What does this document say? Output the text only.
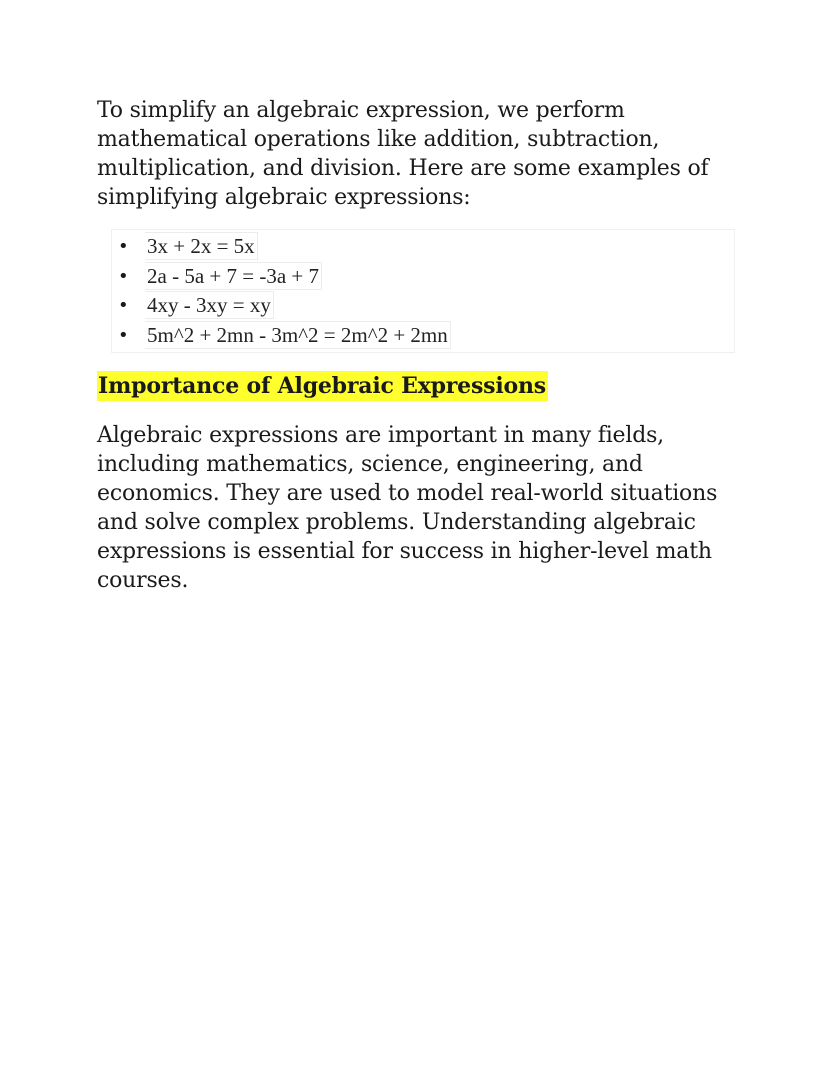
To simplify an algebraic expression, we perform mathematical operations like addition, subtraction, multiplication, and division. Here are some examples of simplifying algebraic expressions:

• 3x + 2x = 5x
• 2a - 5a + 7 = -3a + 7
• 4xy - 3xy = xy
• 5m^2 + 2mn - 3m^2 = 2m^2 + 2mn
Importance of Algebraic Expressions

Algebraic expressions are important in many fields, including mathematics, science, engineering, and economics. They are used to model real-world situations and solve complex problems. Understanding algebraic expressions is essential for success in higher-level math courses.
